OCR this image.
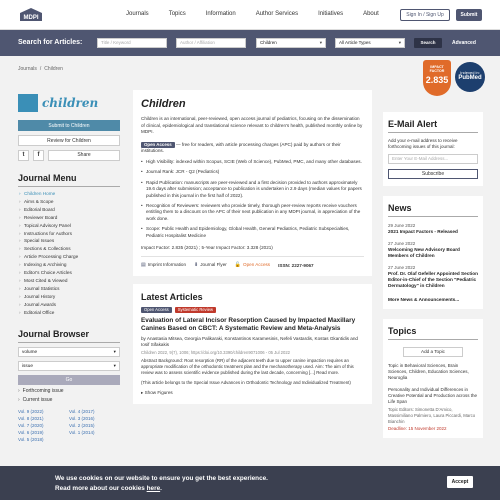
MDPI
Journals	Topics	Information	Author Services	Initiatives	About	Sign In / Sign Up	Submit
Search for Articles:	Title / Keyword	Author / Affiliation	Children	▾	All Article Types	▾	Search	Advanced
Journals / Children	IMPACT FACTOR
2.835
Indexed in:
PubMed
children
Submit to Children
Review for Children
t	f	Share
Journal Menu
› Children Home
› Aims & Scope
› Editorial Board
› Reviewer Board
› Topical Advisory Panel
› Instructions for Authors
› Special Issues
› Sections & Collections
› Article Processing Charge
› Indexing & Archiving
› Editor's Choice Articles
› Most Cited & Viewed
› Journal Statistics
› Journal History
› Journal Awards
› Editorial Office
Journal Browser
volume	▾
issue	▾
Go
› Forthcoming issue
› Current issue
Vol. 9 (2022)	Vol. 4 (2017)
Vol. 8 (2021)	Vol. 3 (2016)
Vol. 7 (2020)	Vol. 2 (2015)
Vol. 6 (2019)	Vol. 1 (2014)
Vol. 5 (2018)
Children
Children is an international, peer-reviewed, open access journal of pediatrics, focusing on the dissemination of clinical, epidemiological and translational science relevant to children's health, published monthly online by MDPI.
Open Access — free for readers, with article processing charges (APC) paid by authors or their institutions.
• High Visibility: indexed within Scopus, SCIE (Web of Science), PubMed, PMC, and many other databases.
• Journal Rank: JCR - Q2 (Pediatrics)
• Rapid Publication: manuscripts are peer-reviewed and a first decision provided to authors approximately 19.6 days after submission; acceptance to publication is undertaken in 2.9 days (median values for papers published in this journal in the first half of 2022).
• Recognition of Reviewers: reviewers who provide timely, thorough peer-review reports receive vouchers entitling them to a discount on the APC of their next publication in any MDPI journal, in appreciation of the work done.
• Scope: Public Health and Epidemiology, Global Health, General Pediatrics, Pediatric Subspecialties, Pediatric Hospitalist Medicine
Impact Factor: 2.835 (2021) ; 5-Year Impact Factor: 3.328 (2021)
▤ Imprint Information ⬇ Journal Flyer 🔓 Open Access ISSN: 2227-9067
Latest Articles
Open Access	Systematic Review
Evaluation of Lateral Incisor Resorption Caused by Impacted Maxillary Canines Based on CBCT: A Systematic Review and Meta-Analysis
by Anastasia Mitsea, Georgia Palikaraki, Konstantinos Karamesinis, Nefeli Vastardis, Kostas Gkantidis and Iosif Sifakakis
Children 2022, 9(7), 1006; https://doi.org/10.3390/children9071006 - 05 Jul 2022
Abstract Background: Root resorption (RR) of the adjacent teeth due to upper canine impaction requires an appropriate modification of the orthodontic treatment plan and the mechanotherapy used. Aim: The aim of this review was to assess scientific evidence published during the last decade, concerning [...] Read more.
(This article belongs to the Special Issue Advances in Orthodontic Technology and Individualized Treatment)
▸ Show Figures
E-Mail Alert
Add your e-mail address to receive forthcoming issues of this journal:
Enter Your E-Mail Address...
Subscribe
News
29 June 2022
2021 Impact Factors - Released
27 June 2022
Welcoming New Advisory Board Members of Children
27 June 2022
Prof. Dr. Olaf Gefeller Appointed Section Editor-in-Chief of the Section "Pediatric Dermatology" in Children
More News & Announcements...
Topics
Add a Topic
Topic in Behavioral Sciences, Brain Sciences, Children, Education Sciences, Neuroglia
Personality and Individual Differences in Creative Potential and Production across the Life Span
Topic Editors: Simonetta D'Amico, Massimiliano Palmiero, Laura Piccardi, Marco Bianchin
Deadline: 15 November 2022
We use cookies on our website to ensure you get the best experience.
Read more about our cookies here.
Accept
